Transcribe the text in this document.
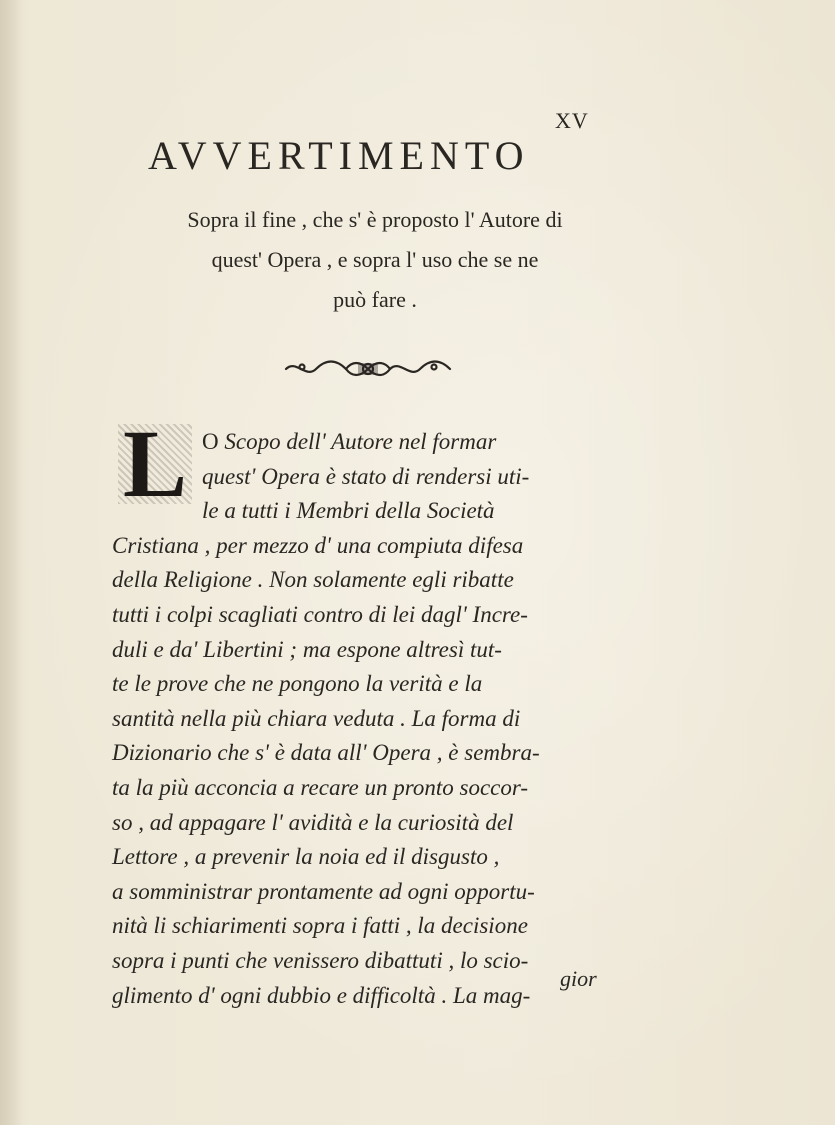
XV
AVVERTIMENTO
Sopra il fine , che s' è proposto l' Autore di
quest' Opera , e sopra l' uso che se ne
può fare .
L O Scopo dell' Autore nel formar
quest' Opera è stato di rendersi uti-
le a tutti i Membri della Società
Cristiana , per mezzo d' una compiuta difesa
della Religione . Non solamente egli ribatte
tutti i colpi scagliati contro di lei dagl' Incre-
duli e da' Libertini ; ma espone altresì tut-
te le prove che ne pongono la verità e la
santità nella più chiara veduta . La forma di
Dizionario che s' è data all' Opera , è sembra-
ta la più acconcia a recare un pronto soccor-
so , ad appagare l' avidità e la curiosità del
Lettore , a prevenir la noia ed il disgusto ,
a somministrar prontamente ad ogni opportu-
nità li schiarimenti sopra i fatti , la decisione
sopra i punti che venissero dibattuti , lo scio-
glimento d' ogni dubbio e difficoltà . La mag-
gior
